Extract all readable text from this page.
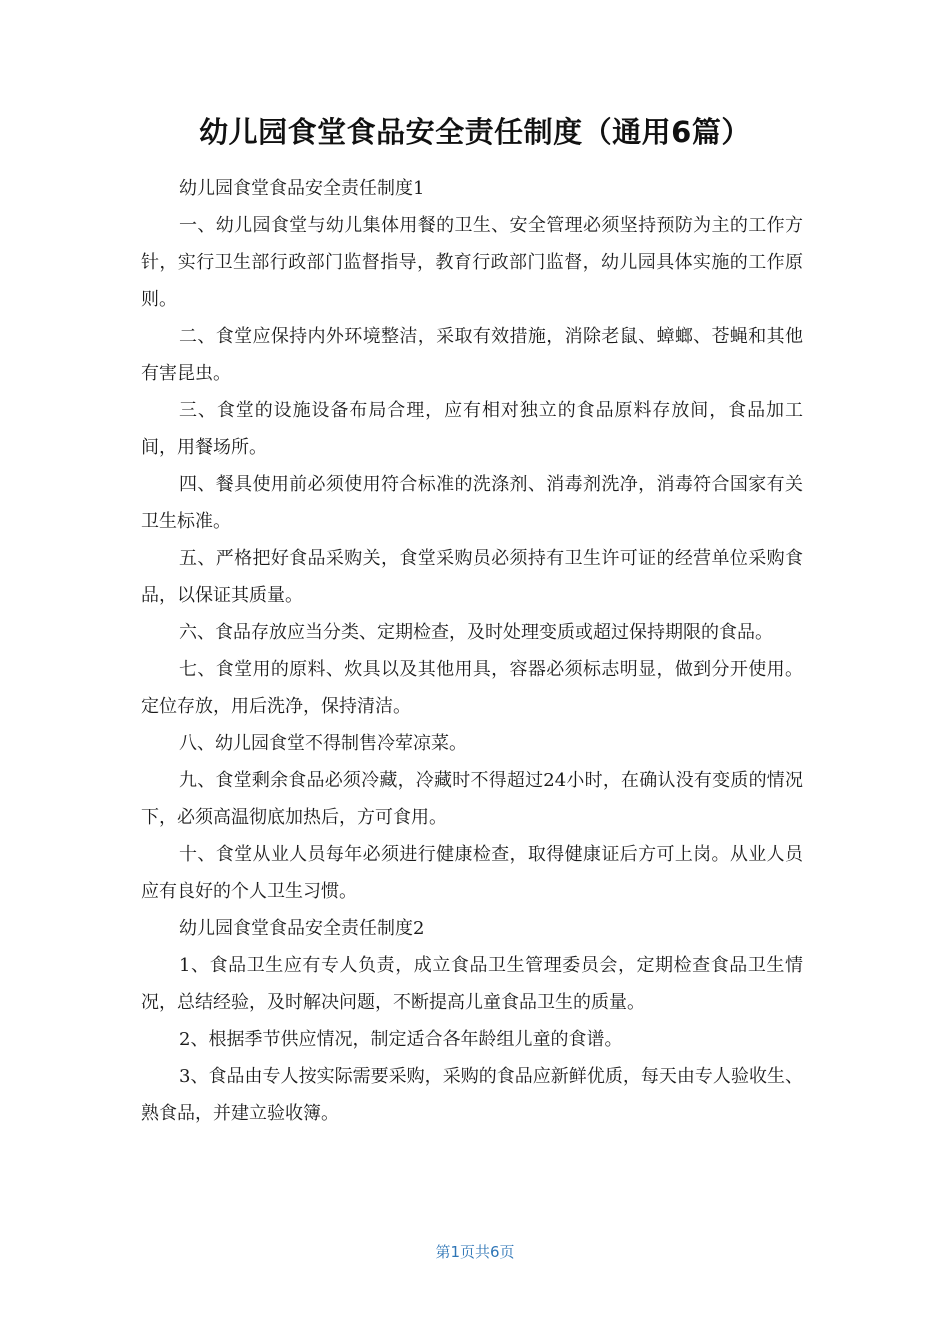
幼儿园食堂食品安全责任制度（通用6篇）

幼儿园食堂食品安全责任制度1

一、幼儿园食堂与幼儿集体用餐的卫生、安全管理必须坚持预防为主的工作方针，实行卫生部行政部门监督指导，教育行政部门监督，幼儿园具体实施的工作原则。

二、食堂应保持内外环境整洁，采取有效措施，消除老鼠、蟑螂、苍蝇和其他有害昆虫。

三、食堂的设施设备布局合理，应有相对独立的食品原料存放间，食品加工间，用餐场所。

四、餐具使用前必须使用符合标准的洗涤剂、消毒剂洗净，消毒符合国家有关卫生标准。

五、严格把好食品采购关，食堂采购员必须持有卫生许可证的经营单位采购食品，以保证其质量。

六、食品存放应当分类、定期检查，及时处理变质或超过保持期限的食品。

七、食堂用的原料、炊具以及其他用具，容器必须标志明显，做到分开使用。定位存放，用后洗净，保持清洁。

八、幼儿园食堂不得制售冷荤凉菜。

九、食堂剩余食品必须冷藏，冷藏时不得超过24小时，在确认没有变质的情况下，必须高温彻底加热后，方可食用。

十、食堂从业人员每年必须进行健康检查，取得健康证后方可上岗。从业人员应有良好的个人卫生习惯。

幼儿园食堂食品安全责任制度2

1、食品卫生应有专人负责，成立食品卫生管理委员会，定期检查食品卫生情况，总结经验，及时解决问题，不断提高儿童食品卫生的质量。

2、根据季节供应情况，制定适合各年龄组儿童的食谱。

3、食品由专人按实际需要采购，采购的食品应新鲜优质，每天由专人验收生、熟食品，并建立验收簿。

第1页共6页
